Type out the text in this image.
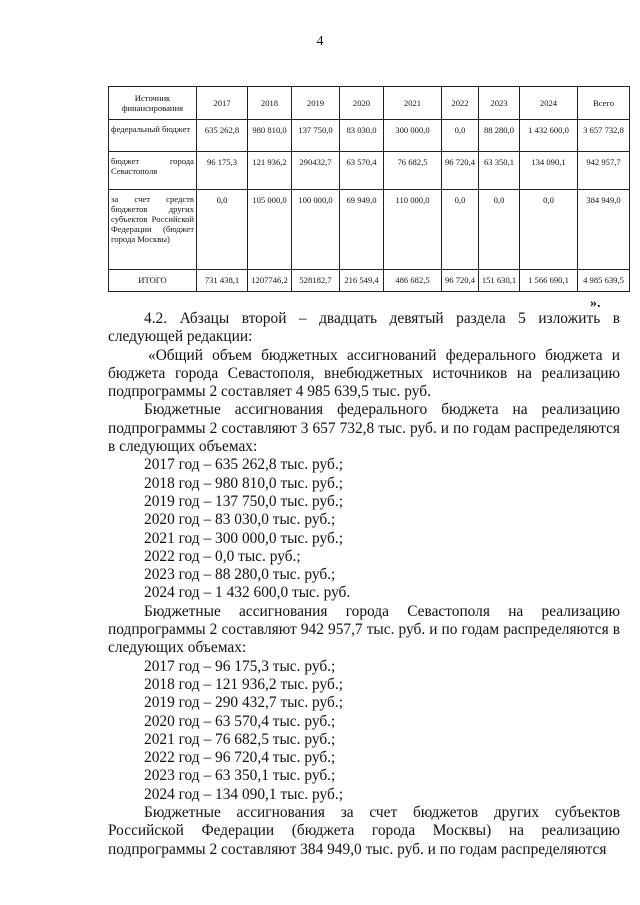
4
Источник финансирования	2017	2018	2019	2020	2021	2022	2023	2024	Всего
федеральный бюджет	635 262,8	980 810,0	137 750,0	83 030,0	300 000,0	0,0	88 280,0	1 432 600,0	3 657 732,8
бюджет города Севастополя	96 175,3	121 936,2	290432,7	63 570,4	76 682,5	96 720,4	63 350,1	134 090,1	942 957,7
за счет средств бюджетов других субъектов Российской Федерации (бюджет города Москвы)	0,0	105 000,0	100 000,0	69 949,0	110 000,0	0,0	0,0	0,0	384 949,0
ИТОГО	731 438,1	1207746,2	528182,7	216 549,4	486 682,5	96 720,4	151 630,1	1 566 690,1	4 985 639,5
».

4.2. Абзацы второй – двадцать девятый раздела 5 изложить в следующей редакции:

«Общий объем бюджетных ассигнований федерального бюджета и бюджета города Севастополя, внебюджетных источников на реализацию подпрограммы 2 составляет 4 985 639,5 тыс. руб.

Бюджетные ассигнования федерального бюджета на реализацию подпрограммы 2 составляют 3 657 732,8 тыс. руб. и по годам распределяются в следующих объемах:

2017 год – 635 262,8 тыс. руб.;

2018 год – 980 810,0 тыс. руб.;

2019 год – 137 750,0 тыс. руб.;

2020 год – 83 030,0 тыс. руб.;

2021 год – 300 000,0 тыс. руб.;

2022 год – 0,0 тыс. руб.;

2023 год – 88 280,0 тыс. руб.;

2024 год – 1 432 600,0 тыс. руб.

Бюджетные ассигнования города Севастополя на реализацию подпрограммы 2 составляют 942 957,7 тыс. руб. и по годам распределяются в следующих объемах:

2017 год – 96 175,3 тыс. руб.;

2018 год – 121 936,2 тыс. руб.;

2019 год – 290 432,7 тыс. руб.;

2020 год – 63 570,4 тыс. руб.;

2021 год – 76 682,5 тыс. руб.;

2022 год – 96 720,4 тыс. руб.;

2023 год – 63 350,1 тыс. руб.;

2024 год – 134 090,1 тыс. руб.;

Бюджетные ассигнования за счет бюджетов других субъектов Российской Федерации (бюджета города Москвы) на реализацию подпрограммы 2 составляют 384 949,0 тыс. руб. и по годам распределяются
